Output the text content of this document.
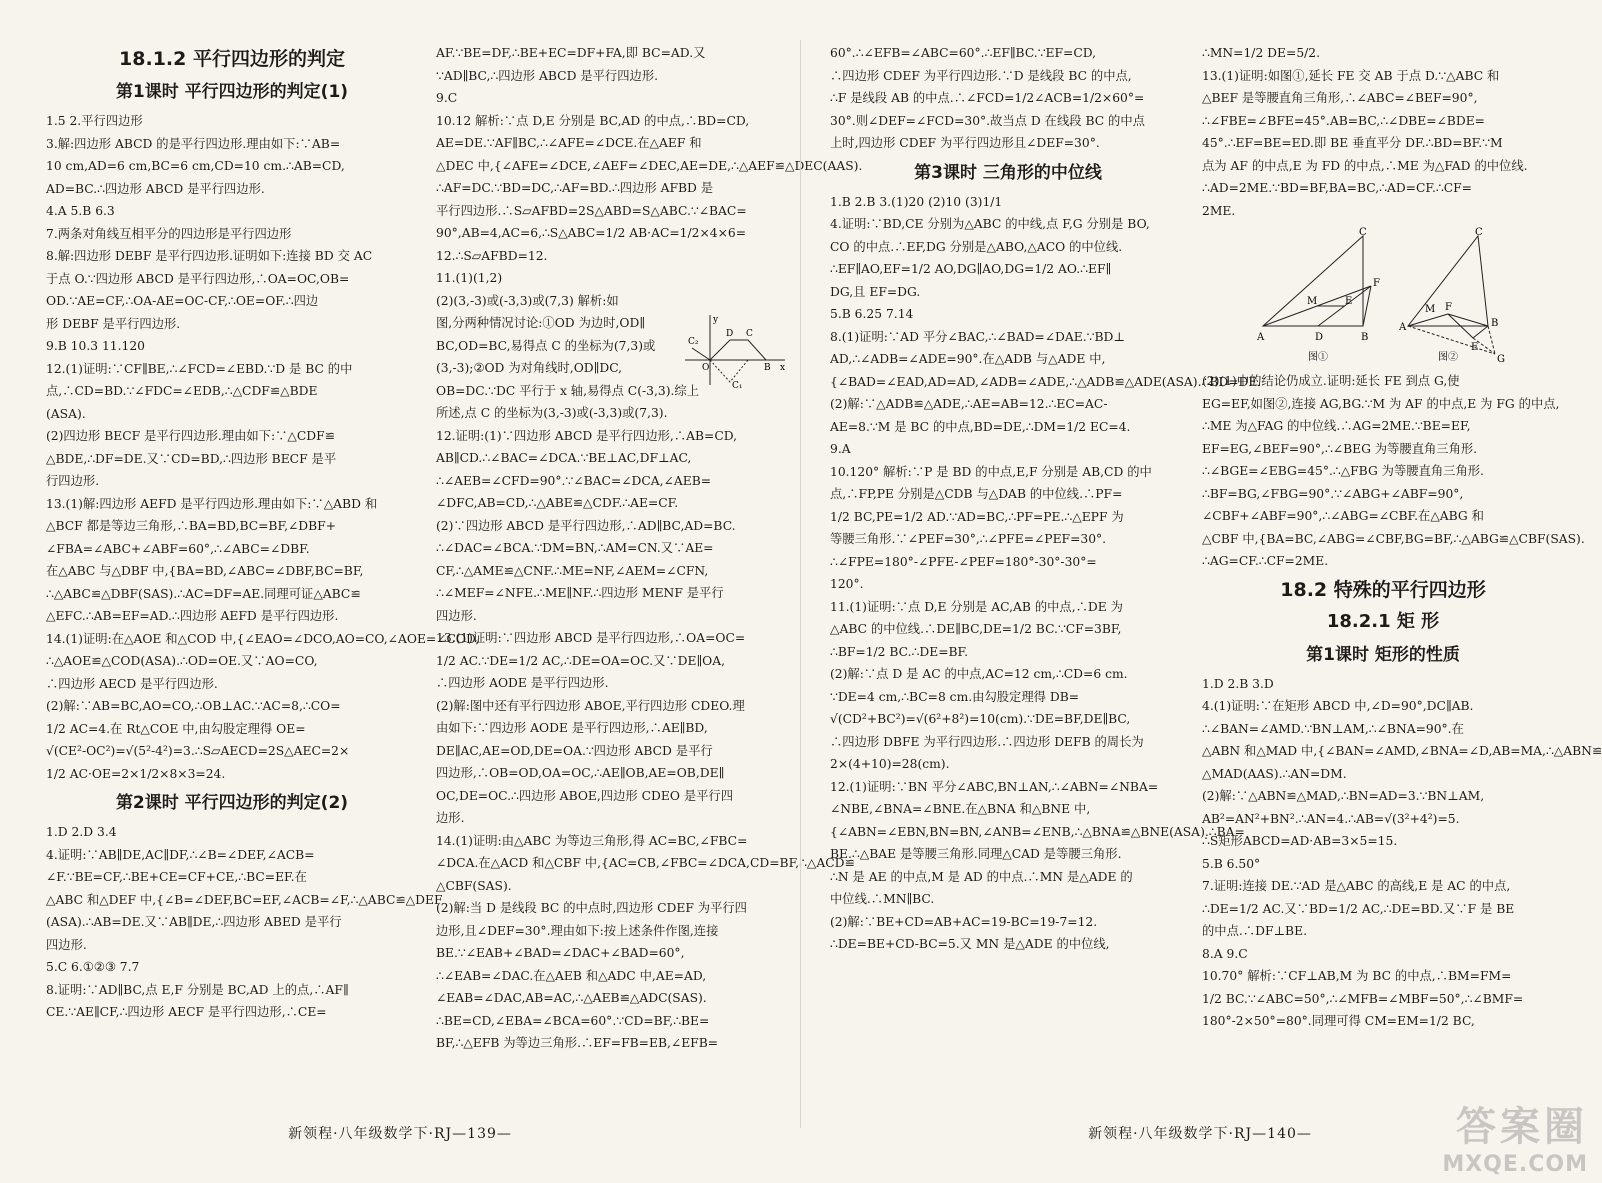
18.1.2 平行四边形的判定
第1课时 平行四边形的判定(1)
1.5 2.平行四边形
3.解:四边形 ABCD 的是平行四边形.理由如下:∵AB=
10 cm,AD=6 cm,BC=6 cm,CD=10 cm.∴AB=CD,
AD=BC.∴四边形 ABCD 是平行四边形.
4.A 5.B 6.3
7.两条对角线互相平分的四边形是平行四边形
8.解:四边形 DEBF 是平行四边形.证明如下:连接 BD 交 AC
于点 O.∵四边形 ABCD 是平行四边形,∴OA=OC,OB=
OD.∵AE=CF,∴OA-AE=OC-CF,∴OE=OF.∴四边
形 DEBF 是平行四边形.
9.B 10.3 11.120
12.(1)证明:∵CF∥BE,∴∠FCD=∠EBD.∵D 是 BC 的中
点,∴CD=BD.∵∠FDC=∠EDB,∴△CDF≌△BDE
(ASA).
(2)四边形 BECF 是平行四边形.理由如下:∵△CDF≌
△BDE,∴DF=DE.又∵CD=BD,∴四边形 BECF 是平
行四边形.
13.(1)解:四边形 AEFD 是平行四边形.理由如下:∵△ABD 和
△BCF 都是等边三角形,∴BA=BD,BC=BF,∠DBF+
∠FBA=∠ABC+∠ABF=60°,∴∠ABC=∠DBF.
在△ABC 与△DBF 中,{BA=BD,∠ABC=∠DBF,BC=BF,
∴△ABC≌△DBF(SAS).∴AC=DF=AE.同理可证△ABC≌
△EFC.∴AB=EF=AD.∴四边形 AEFD 是平行四边形.
14.(1)证明:在△AOE 和△COD 中,{∠EAO=∠DCO,AO=CO,∠AOE=∠COD,
∴△AOE≌△COD(ASA).∴OD=OE.又∵AO=CO,
∴四边形 AECD 是平行四边形.
(2)解:∵AB=BC,AO=CO,∴OB⊥AC.∵AC=8,∴CO=
1/2 AC=4.在 Rt△COE 中,由勾股定理得 OE=
√(CE²-OC²)=√(5²-4²)=3.∴S▱AECD=2S△AEC=2×
1/2 AC·OE=2×1/2×8×3=24.
第2课时 平行四边形的判定(2)
1.D 2.D 3.4
4.证明:∵AB∥DE,AC∥DF,∴∠B=∠DEF,∠ACB=
∠F.∵BE=CF,∴BE+CE=CF+CE,∴BC=EF.在
△ABC 和△DEF 中,{∠B=∠DEF,BC=EF,∠ACB=∠F,∴△ABC≌△DEF
(ASA).∴AB=DE.又∵AB∥DE,∴四边形 ABED 是平行
四边形.
5.C 6.①②③ 7.7
8.证明:∵AD∥BC,点 E,F 分别是 BC,AD 上的点,∴AF∥
CE.∵AE∥CF,∴四边形 AECF 是平行四边形,∴CE=
AF.∵BE=DF,∴BE+EC=DF+FA,即 BC=AD.又
∵AD∥BC,∴四边形 ABCD 是平行四边形.
9.C
10.12 解析:∵点 D,E 分别是 BC,AD 的中点,∴BD=CD,
AE=DE.∵AF∥BC,∴∠AFE=∠DCE.在△AEF 和
△DEC 中,{∠AFE=∠DCE,∠AEF=∠DEC,AE=DE,∴△AEF≌△DEC(AAS).
∴AF=DC.∵BD=DC,∴AF=BD.∴四边形 AFBD 是
平行四边形.∴S▱AFBD=2S△ABD=S△ABC.∵∠BAC=
90°,AB=4,AC=6,∴S△ABC=1/2 AB·AC=1/2×4×6=
12.∴S▱AFBD=12.
11.(1)(1,2)
(2)(3,-3)或(-3,3)或(7,3) 解析:如
图,分两种情况讨论:①OD 为边时,OD∥
BC,OD=BC,易得点 C 的坐标为(7,3)或
(3,-3);②OD 为对角线时,OD∥DC,
OB=DC.∵DC 平行于 x 轴,易得点 C(-3,3).综上
所述,点 C 的坐标为(3,-3)或(-3,3)或(7,3).
12.证明:(1)∵四边形 ABCD 是平行四边形,∴AB=CD,
AB∥CD.∴∠BAC=∠DCA.∵BE⊥AC,DF⊥AC,
∴∠AEB=∠CFD=90°.∵∠BAC=∠DCA,∠AEB=
∠DFC,AB=CD,∴△ABE≌△CDF.∴AE=CF.
(2)∵四边形 ABCD 是平行四边形,∴AD∥BC,AD=BC.
∴∠DAC=∠BCA.∵DM=BN,∴AM=CN.又∵AE=
CF,∴△AME≌△CNF.∴ME=NF,∠AEM=∠CFN,
∴∠MEF=∠NFE.∴ME∥NF.∴四边形 MENF 是平行
四边形.
13.(1)证明:∵四边形 ABCD 是平行四边形,∴OA=OC=
1/2 AC.∵DE=1/2 AC,∴DE=OA=OC.又∵DE∥OA,
∴四边形 AODE 是平行四边形.
(2)解:图中还有平行四边形 ABOE,平行四边形 CDEO.理
由如下:∵四边形 AODE 是平行四边形,∴AE∥BD,
DE∥AC,AE=OD,DE=OA.∵四边形 ABCD 是平行
四边形,∴OB=OD,OA=OC,∴AE∥OB,AE=OB,DE∥
OC,DE=OC.∴四边形 ABOE,四边形 CDEO 是平行四
边形.
14.(1)证明:由△ABC 为等边三角形,得 AC=BC,∠FBC=
∠DCA.在△ACD 和△CBF 中,{AC=CB,∠FBC=∠DCA,CD=BF,∴△ACD≌
△CBF(SAS).
(2)解:当 D 是线段 BC 的中点时,四边形 CDEF 为平行四
边形,且∠DEF=30°.理由如下:按上述条件作图,连接
BE.∵∠EAB+∠BAD=∠DAC+∠BAD=60°,
∴∠EAB=∠DAC.在△AEB 和△ADC 中,AE=AD,
∠EAB=∠DAC,AB=AC,∴△AEB≌△ADC(SAS).
∴BE=CD,∠EBA=∠BCA=60°.∵CD=BF,∴BE=
BF,∴△EFB 为等边三角形.∴EF=FB=EB,∠EFB=
y
C₂
D C
O	B x
C₁
新领程·八年级数学下·RJ—139—
60°.∴∠EFB=∠ABC=60°.∴EF∥BC.∵EF=CD,
∴四边形 CDEF 为平行四边形.∵D 是线段 BC 的中点,
∴F 是线段 AB 的中点.∴∠FCD=1/2∠ACB=1/2×60°=
30°.则∠DEF=∠FCD=30°.故当点 D 在线段 BC 的中点
上时,四边形 CDEF 为平行四边形且∠DEF=30°.
第3课时 三角形的中位线
1.B 2.B 3.(1)20 (2)10 (3)1/1
4.证明:∵BD,CE 分别为△ABC 的中线,点 F,G 分别是 BO,
CO 的中点.∴EF,DG 分别是△ABO,△ACO 的中位线.
∴EF∥AO,EF=1/2 AO,DG∥AO,DG=1/2 AO.∴EF∥
DG,且 EF=DG.
5.B 6.25 7.14
8.(1)证明:∵AD 平分∠BAC,∴∠BAD=∠DAE.∵BD⊥
AD,∴∠ADB=∠ADE=90°.在△ADB 与△ADE 中,
{∠BAD=∠EAD,AD=AD,∠ADB=∠ADE,∴△ADB≌△ADE(ASA).∴BD=DE.
(2)解:∵△ADB≌△ADE,∴AE=AB=12.∴EC=AC-
AE=8.∵M 是 BC 的中点,BD=DE,∴DM=1/2 EC=4.
9.A
10.120° 解析:∵P 是 BD 的中点,E,F 分别是 AB,CD 的中
点,∴FP,PE 分别是△CDB 与△DAB 的中位线.∴PF=
1/2 BC,PE=1/2 AD.∵AD=BC,∴PF=PE.∴△EPF 为
等腰三角形.∵∠PEF=30°,∴∠PFE=∠PEF=30°.
∴∠FPE=180°-∠PFE-∠PEF=180°-30°-30°=
120°.
11.(1)证明:∵点 D,E 分别是 AC,AB 的中点,∴DE 为
△ABC 的中位线.∴DE∥BC,DE=1/2 BC.∵CF=3BF,
∴BF=1/2 BC.∴DE=BF.
(2)解:∵点 D 是 AC 的中点,AC=12 cm,∴CD=6 cm.
∵DE=4 cm,∴BC=8 cm.由勾股定理得 DB=
√(CD²+BC²)=√(6²+8²)=10(cm).∵DE=BF,DE∥BC,
∴四边形 DBFE 为平行四边形.∴四边形 DEFB 的周长为
2×(4+10)=28(cm).
12.(1)证明:∵BN 平分∠ABC,BN⊥AN,∴∠ABN=∠NBA=
∠NBE,∠BNA=∠BNE.在△BNA 和△BNE 中,
{∠ABN=∠EBN,BN=BN,∠ANB=∠ENB,∴△BNA≌△BNE(ASA).∴BA=
BE.∴△BAE 是等腰三角形.同理△CAD 是等腰三角形.
∴N 是 AE 的中点,M 是 AD 的中点.∴MN 是△ADE 的
中位线.∴MN∥BC.
(2)解:∵BE+CD=AB+AC=19-BC=19-7=12.
∴DE=BE+CD-BC=5.又 MN 是△ADE 的中位线,
∴MN=1/2 DE=5/2.
13.(1)证明:如图①,延长 FE 交 AB 于点 D.∵△ABC 和
△BEF 是等腰直角三角形,∴∠ABC=∠BEF=90°,
∴∠FBE=∠BFE=45°.AB=BC,∴∠DBE=∠BDE=
45°.∴EF=BE=ED.即 BE 垂直平分 DF.∴BD=BF.∵M
点为 AF 的中点,E 为 FD 的中点,∴ME 为△FAD 的中位线.
∴AD=2ME.∵BD=BF,BA=BC,∴AD=CF.∴CF=
2ME.
C
F
M	E
A	D	B
图①
C
A
M F
B
E
G
图②
(2)(1)中的结论仍成立.证明:延长 FE 到点 G,使
EG=EF,如图②,连接 AG,BG.∵M 为 AF 的中点,E 为 FG 的中点,
∴ME 为△FAG 的中位线.∴AG=2ME.∵BE=EF,
EF=EG,∠BEF=90°,∴∠BEG 为等腰直角三角形.
∴∠BGE=∠EBG=45°.∴△FBG 为等腰直角三角形.
∴BF=BG,∠FBG=90°.∵∠ABG+∠ABF=90°,
∠CBF+∠ABF=90°,∴∠ABG=∠CBF.在△ABG 和
△CBF 中,{BA=BC,∠ABG=∠CBF,BG=BF,∴△ABG≌△CBF(SAS).
∴AG=CF.∴CF=2ME.
18.2 特殊的平行四边形
18.2.1 矩 形
第1课时 矩形的性质
1.D 2.B 3.D
4.(1)证明:∵在矩形 ABCD 中,∠D=90°,DC∥AB.
∴∠BAN=∠AMD.∵BN⊥AM,∴∠BNA=90°.在
△ABN 和△MAD 中,{∠BAN=∠AMD,∠BNA=∠D,AB=MA,∴△ABN≌
△MAD(AAS).∴AN=DM.
(2)解:∵△ABN≌△MAD,∴BN=AD=3.∵BN⊥AM,
AB²=AN²+BN².∴AN=4.∴AB=√(3²+4²)=5.
∴S矩形ABCD=AD·AB=3×5=15.
5.B 6.50°
7.证明:连接 DE.∵AD 是△ABC 的高线,E 是 AC 的中点,
∴DE=1/2 AC.又∵BD=1/2 AC,∴DE=BD.又∵F 是 BE
的中点.∴DF⊥BE.
8.A 9.C
10.70° 解析:∵CF⊥AB,M 为 BC 的中点,∴BM=FM=
1/2 BC.∵∠ABC=50°,∴∠MFB=∠MBF=50°,∴∠BMF=
180°-2×50°=80°.同理可得 CM=EM=1/2 BC,
新领程·八年级数学下·RJ—140—	答案圈
MXQE.COM
